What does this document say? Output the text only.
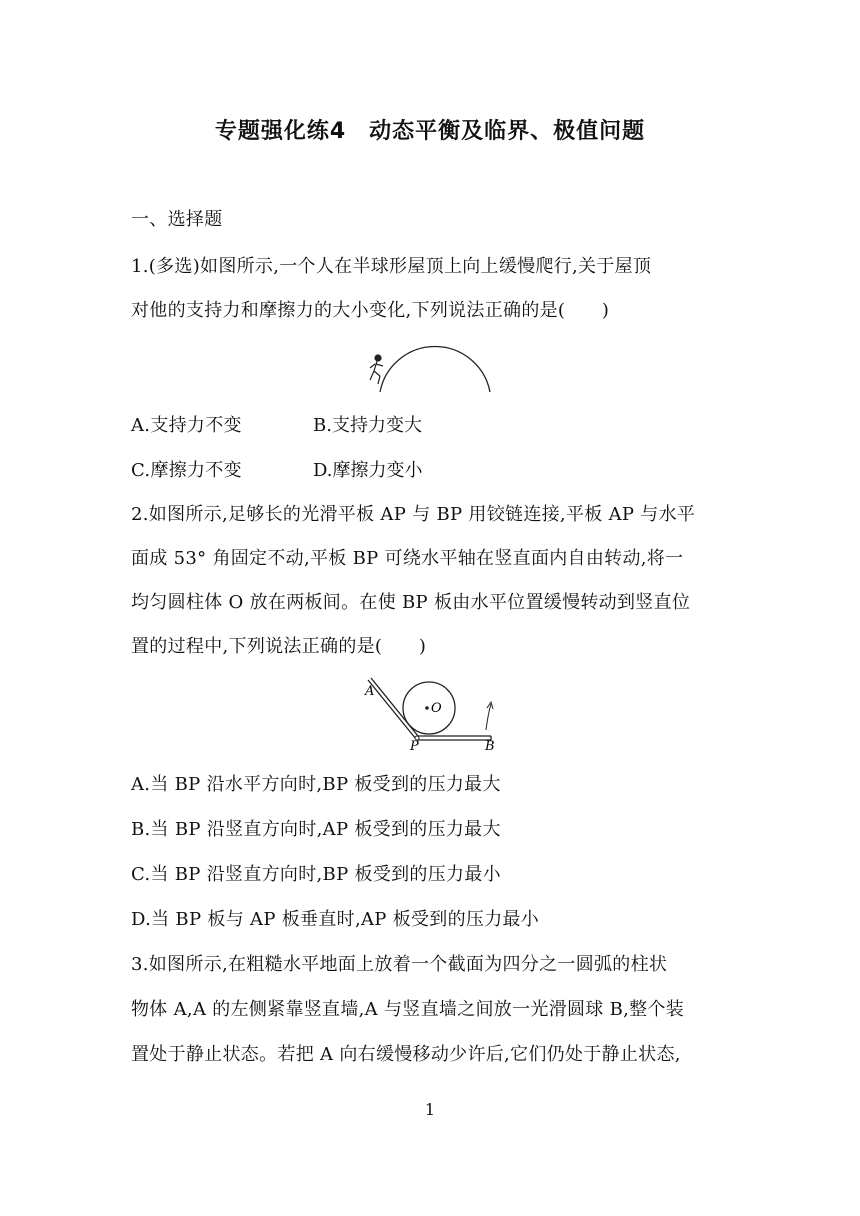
专题强化练4　动态平衡及临界、极值问题
一、选择题
1.(多选)如图所示,一个人在半球形屋顶上向上缓慢爬行,关于屋顶
对他的支持力和摩擦力的大小变化,下列说法正确的是(　　)
A.支持力不变	B.支持力变大
C.摩擦力不变	D.摩擦力变小
2.如图所示,足够长的光滑平板 AP 与 BP 用铰链连接,平板 AP 与水平
面成 53° 角固定不动,平板 BP 可绕水平轴在竖直面内自由转动,将一
均匀圆柱体 O 放在两板间。在使 BP 板由水平位置缓慢转动到竖直位
置的过程中,下列说法正确的是(　　)
A
O
P	B
A.当 BP 沿水平方向时,BP 板受到的压力最大
B.当 BP 沿竖直方向时,AP 板受到的压力最大
C.当 BP 沿竖直方向时,BP 板受到的压力最小
D.当 BP 板与 AP 板垂直时,AP 板受到的压力最小
3.如图所示,在粗糙水平地面上放着一个截面为四分之一圆弧的柱状
物体 A,A 的左侧紧靠竖直墙,A 与竖直墙之间放一光滑圆球 B,整个装
置处于静止状态。若把 A 向右缓慢移动少许后,它们仍处于静止状态,
1
